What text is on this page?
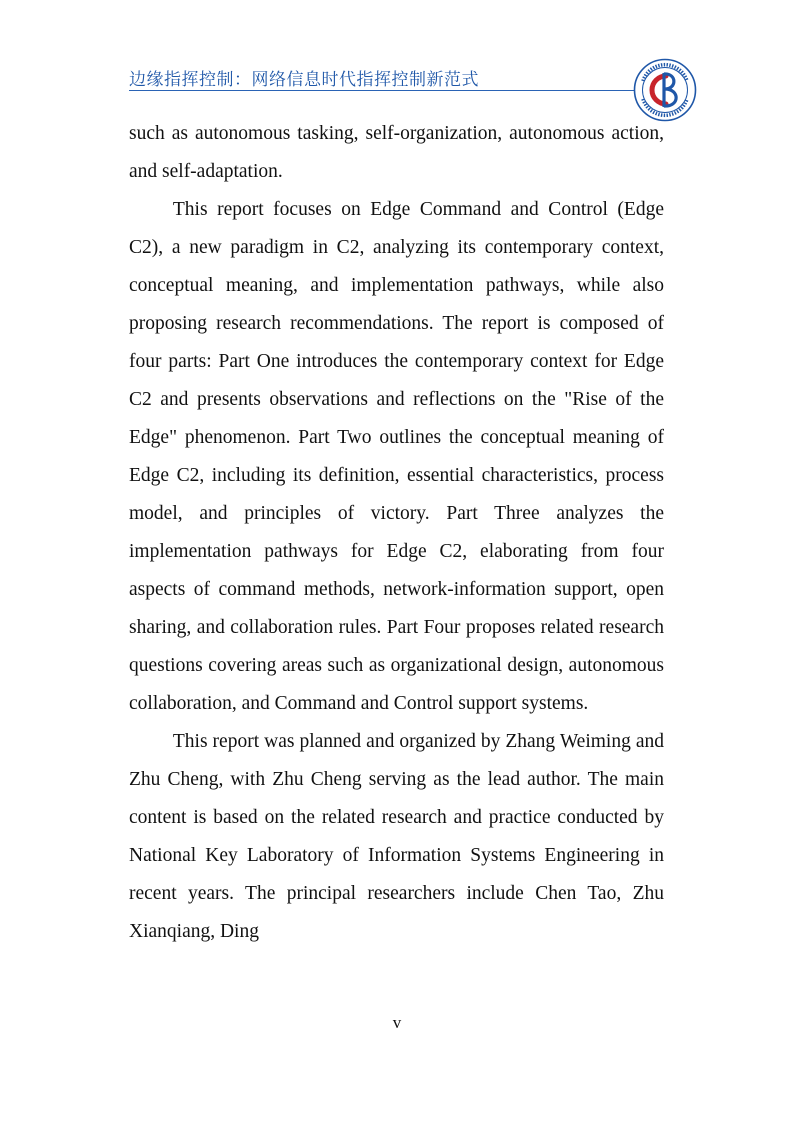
边缘指挥控制：网络信息时代指挥控制新范式

such as autonomous tasking, self-organization, autonomous action, and self-adaptation.

This report focuses on Edge Command and Control (Edge C2), a new paradigm in C2, analyzing its contemporary context, conceptual meaning, and implementation pathways, while also proposing research recommendations. The report is composed of four parts: Part One introduces the contemporary context for Edge C2 and presents observations and reflections on the "Rise of the Edge" phenomenon. Part Two outlines the conceptual meaning of Edge C2, including its definition, essential characteristics, process model, and principles of victory. Part Three analyzes the implementation pathways for Edge C2, elaborating from four aspects of command methods, network-information support, open sharing, and collaboration rules. Part Four proposes related research questions covering areas such as organizational design, autonomous collaboration, and Command and Control support systems.

This report was planned and organized by Zhang Weiming and Zhu Cheng, with Zhu Cheng serving as the lead author. The main content is based on the related research and practice conducted by National Key Laboratory of Information Systems Engineering in recent years. The principal researchers include Chen Tao, Zhu Xianqiang, Ding

v
